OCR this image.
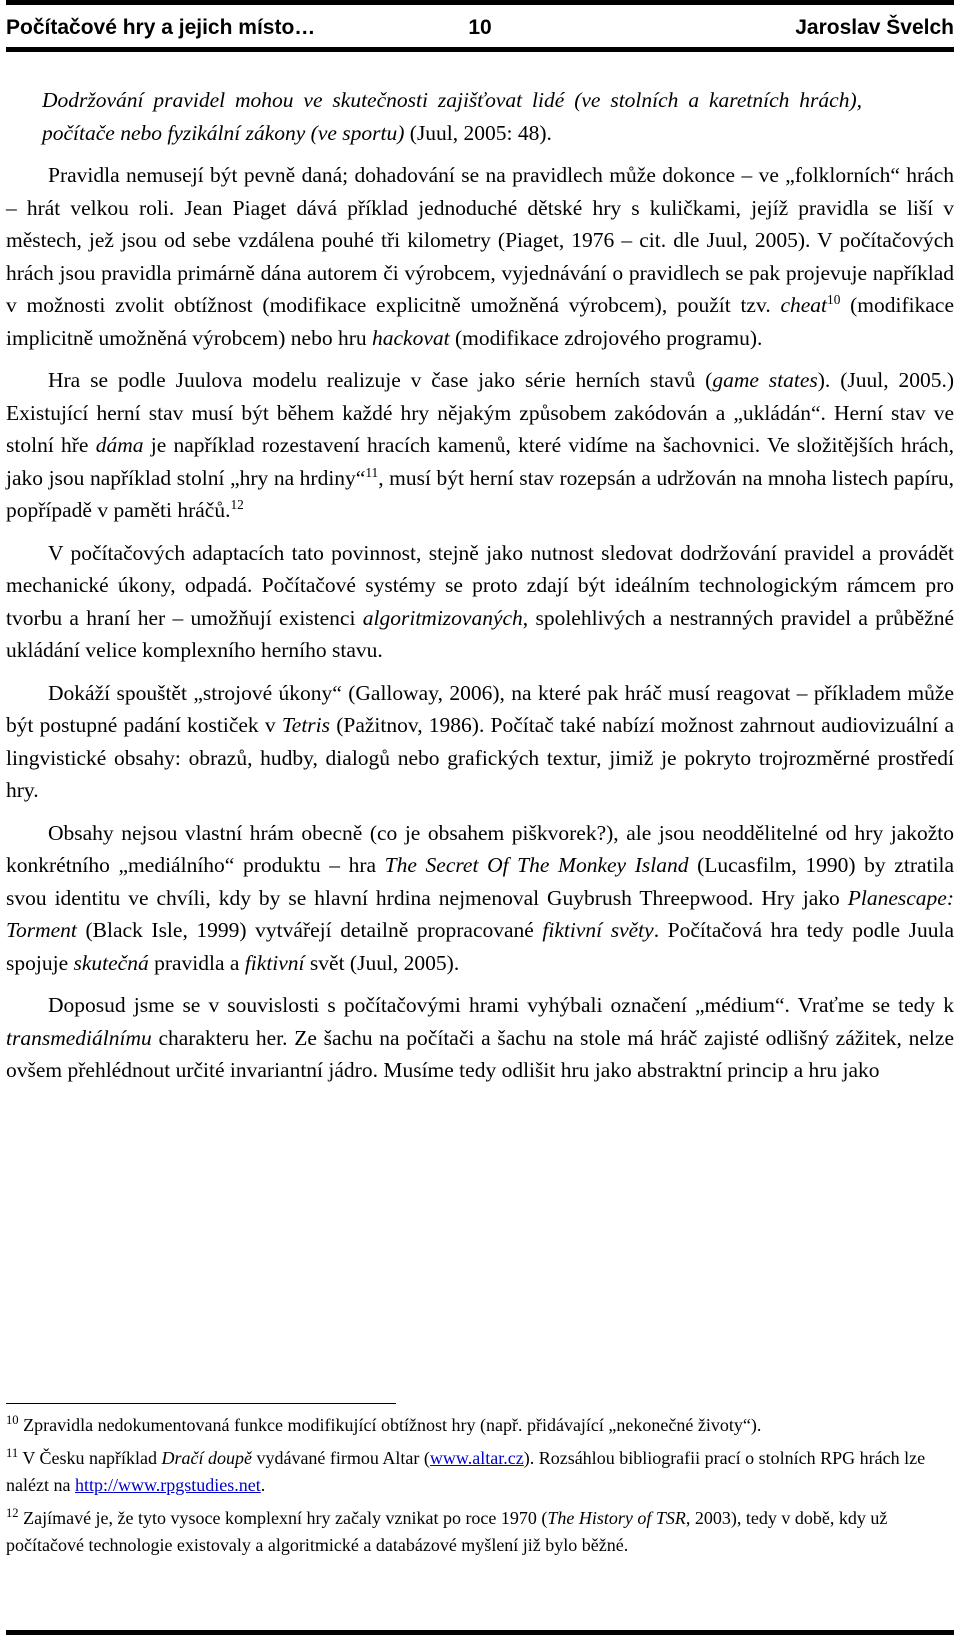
Počítačové hry a jejich místo…	10	Jaroslav Švelch

Dodržování pravidel mohou ve skutečnosti zajišťovat lidé (ve stolních a karetních hrách), počítače nebo fyzikální zákony (ve sportu) (Juul, 2005: 48).

Pravidla nemusejí být pevně daná; dohadování se na pravidlech může dokonce – ve „folklorních“ hrách – hrát velkou roli. Jean Piaget dává příklad jednoduché dětské hry s kuličkami, jejíž pravidla se liší v městech, jež jsou od sebe vzdálena pouhé tři kilometry (Piaget, 1976 – cit. dle Juul, 2005). V počítačových hrách jsou pravidla primárně dána autorem či výrobcem, vyjednávání o pravidlech se pak projevuje například v možnosti zvolit obtížnost (modifikace explicitně umožněná výrobcem), použít tzv. cheat$^{10}$ (modifikace implicitně umožněná výrobcem) nebo hru hackovat (modifikace zdrojového programu).

Hra se podle Juulova modelu realizuje v čase jako série herních stavů (game states). (Juul, 2005.) Existující herní stav musí být během každé hry nějakým způsobem zakódován a „ukládán“. Herní stav ve stolní hře dáma je například rozestavení hracích kamenů, které vidíme na šachovnici. Ve složitějších hrách, jako jsou například stolní „hry na hrdiny“$^{11}$, musí být herní stav rozepsán a udržován na mnoha listech papíru, popřípadě v paměti hráčů.$^{12}$

V počítačových adaptacích tato povinnost, stejně jako nutnost sledovat dodržování pravidel a provádět mechanické úkony, odpadá. Počítačové systémy se proto zdají být ideálním technologickým rámcem pro tvorbu a hraní her – umožňují existenci algoritmizovaných, spolehlivých a nestranných pravidel a průběžné ukládání velice komplexního herního stavu.

Dokáží spouštět „strojové úkony“ (Galloway, 2006), na které pak hráč musí reagovat – příkladem může být postupné padání kostiček v Tetris (Pažitnov, 1986). Počítač také nabízí možnost zahrnout audiovizuální a lingvistické obsahy: obrazů, hudby, dialogů nebo grafických textur, jimiž je pokryto trojrozměrné prostředí hry.

Obsahy nejsou vlastní hrám obecně (co je obsahem piškvorek?), ale jsou neoddělitelné od hry jakožto konkrétního „mediálního“ produktu – hra The Secret Of The Monkey Island (Lucasfilm, 1990) by ztratila svou identitu ve chvíli, kdy by se hlavní hrdina nejmenoval Guybrush Threepwood. Hry jako Planescape: Torment (Black Isle, 1999) vytvářejí detailně propracované fiktivní světy. Počítačová hra tedy podle Juula spojuje skutečná pravidla a fiktivní svět (Juul, 2005).

Doposud jsme se v souvislosti s počítačovými hrami vyhýbali označení „médium“. Vraťme se tedy k transmediálnímu charakteru her. Ze šachu na počítači a šachu na stole má hráč zajisté odlišný zážitek, nelze ovšem přehlédnout určité invariantní jádro. Musíme tedy odlišit hru jako abstraktní princip a hru jako

$^{10}$ Zpravidla nedokumentovaná funkce modifikující obtížnost hry (např. přidávající „nekonečné životy“).
$^{11}$ V Česku například Dračí doupě vydávané firmou Altar (www.altar.cz). Rozsáhlou bibliografii prací o stolních RPG hrách lze nalézt na http://www.rpgstudies.net.
$^{12}$ Zajímavé je, že tyto vysoce komplexní hry začaly vznikat po roce 1970 (The History of TSR, 2003), tedy v době, kdy už počítačové technologie existovaly a algoritmické a databázové myšlení již bylo běžné.
